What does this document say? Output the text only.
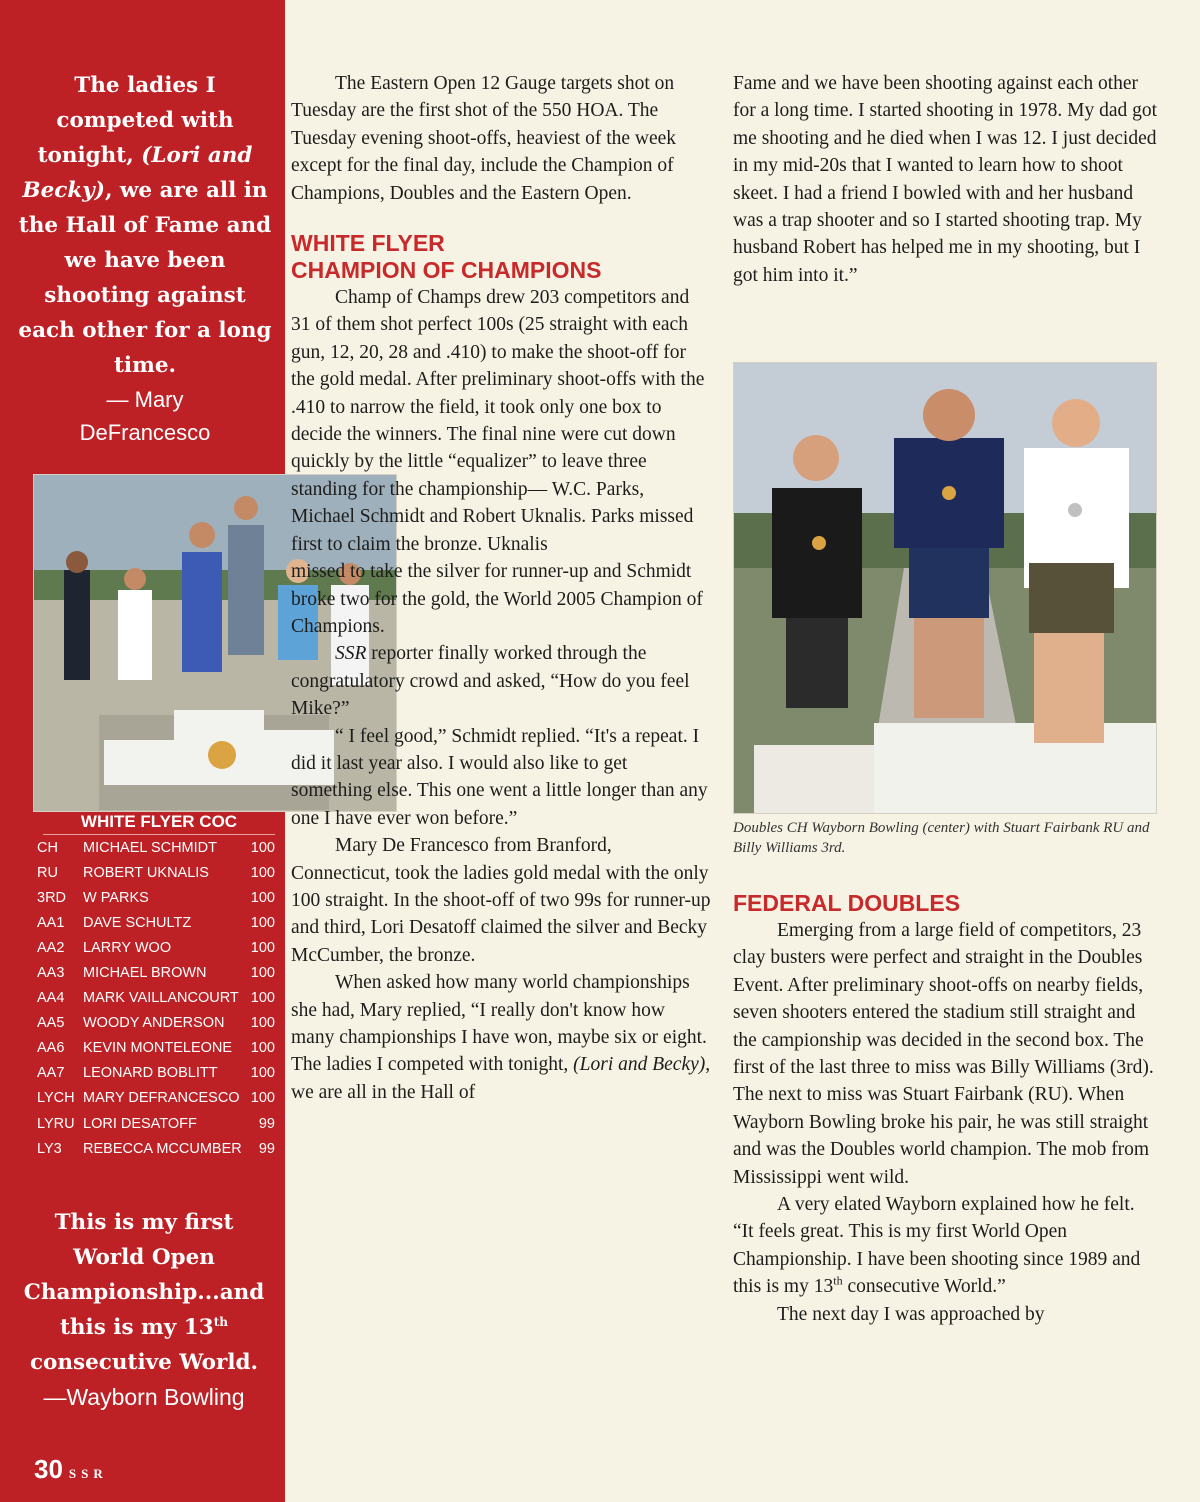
The ladies I competed with tonight, (Lori and Becky), we are all in the Hall of Fame and we have been shooting against each other for a long time.
— Mary
DeFrancesco
WHITE FLYER COC
CH	MICHAEL SCHMIDT	100
RU	ROBERT UKNALIS	100
3RD	W PARKS	100
AA1	DAVE SCHULTZ	100
AA2	LARRY WOO	100
AA3	MICHAEL BROWN	100
AA4	MARK VAILLANCOURT 100
AA5	WOODY ANDERSON	100
AA6	KEVIN MONTELEONE	100
AA7	LEONARD BOBLITT	100
LYCH MARY DEFRANCESCO 100
LYRU LORI DESATOFF	99
LY3	REBECCA MCCUMBER	99
This is my first World Open Championship...and this is my 13th consecutive World.
—Wayborn Bowling
30 SSR

The Eastern Open 12 Gauge targets shot on Tuesday are the first shot of the 550 HOA. The Tuesday evening shoot-offs, heaviest of the week except for the final day, include the Champion of Champions, Doubles and the Eastern Open.

WHITE FLYER
CHAMPION OF CHAMPIONS

Champ of Champs drew 203 competitors and 31 of them shot perfect 100s (25 straight with each gun, 12, 20, 28 and .410) to make the shoot-off for

the gold medal. After preliminary shoot-offs with the .410 to narrow the field, it took only one box to decide the winners. The final nine were cut down quickly by the little “equalizer” to leave three standing for the championship— W.C. Parks, Michael Schmidt and Robert Uknalis. Parks missed first to claim the bronze. Uknalis

missed to take the silver for runner-up and Schmidt broke two for the gold, the World 2005 Champion of Champions.

SSR reporter finally worked through the congratulatory crowd and asked, “How do you feel Mike?”

“ I feel good,” Schmidt replied. “It's a repeat. I did it last year also. I would also like to get something else. This one went a little longer than any one I have ever won before.”

Mary De Francesco from Branford, Connecticut, took the ladies gold medal with the only 100 straight. In the shoot-off of two 99s for runner-up and third, Lori Desatoff claimed the silver and Becky McCumber, the bronze.

When asked how many world championships she had, Mary replied, “I really don't know how many championships I have won, maybe six or eight. The ladies I competed with tonight, (Lori and Becky), we are all in the Hall of

Fame and we have been shooting against each other for a long time. I started shooting in 1978. My dad got me shooting and he died when I was 12. I just decided in my mid-20s that I wanted to learn how to shoot skeet. I had a friend I bowled with and her husband was a trap shooter and so I started shooting trap. My husband Robert has helped me in my shooting, but I got him into it.”

Doubles CH Wayborn Bowling (center) with Stuart Fairbank RU and Billy Williams 3rd.
FEDERAL DOUBLES

Emerging from a large field of competitors, 23 clay busters were perfect and straight in the Doubles Event. After preliminary shoot-offs on nearby fields, seven shooters entered the stadium still straight and the campionship was decided in the second box. The first of the last three to miss was Billy Williams (3rd). The next to miss was Stuart Fairbank (RU). When Wayborn Bowling broke his pair, he was still straight and was the Doubles world champion. The mob from Mississippi went wild.

A very elated Wayborn explained how he felt. “It feels great. This is my first World Open Championship. I have been shooting since 1989 and this is my 13th consecutive World.”

The next day I was approached by
